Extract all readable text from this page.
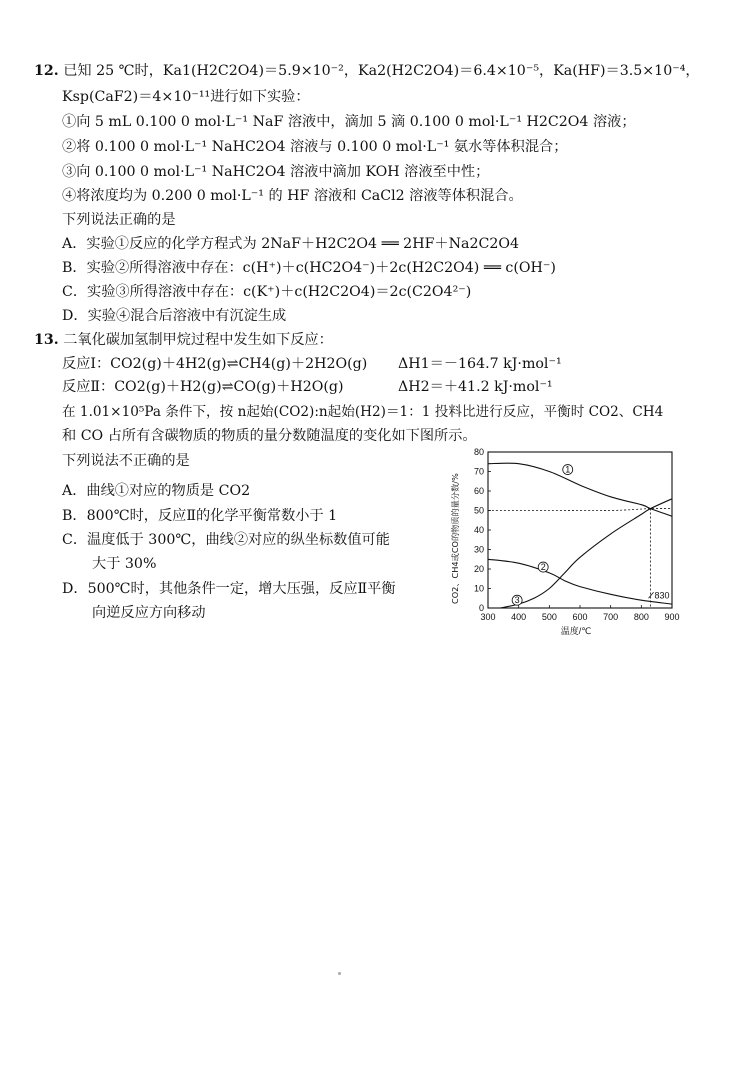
12. 已知 25 ℃时，Ka1(H2C2O4)＝5.9×10⁻²，Ka2(H2C2O4)＝6.4×10⁻⁵，Ka(HF)＝3.5×10⁻⁴，
Ksp(CaF2)＝4×10⁻¹¹进行如下实验：
①向 5 mL 0.100 0 mol·L⁻¹ NaF 溶液中，滴加 5 滴 0.100 0 mol·L⁻¹ H2C2O4 溶液；
②将 0.100 0 mol·L⁻¹ NaHC2O4 溶液与 0.100 0 mol·L⁻¹ 氨水等体积混合；
③向 0.100 0 mol·L⁻¹ NaHC2O4 溶液中滴加 KOH 溶液至中性；
④将浓度均为 0.200 0 mol·L⁻¹ 的 HF 溶液和 CaCl2 溶液等体积混合。
下列说法正确的是
A．实验①反应的化学方程式为 2NaF＋H2C2O4 ══ 2HF＋Na2C2O4
B．实验②所得溶液中存在：c(H⁺)＋c(HC2O4⁻)＋2c(H2C2O4) ══ c(OH⁻)
C．实验③所得溶液中存在：c(K⁺)＋c(H2C2O4)＝2c(C2O4²⁻)
D．实验④混合后溶液中有沉淀生成
13. 二氧化碳加氢制甲烷过程中发生如下反应：
反应Ⅰ：CO2(g)＋4H2(g)⇌CH4(g)＋2H2O(g) ΔH1＝－164.7 kJ·mol⁻¹
反应Ⅱ：CO2(g)＋H2(g)⇌CO(g)＋H2O(g)	ΔH2＝＋41.2 kJ·mol⁻¹
在 1.01×10⁵Pa 条件下，按 n起始(CO2):n起始(H2)＝1：1 投料比进行反应，平衡时 CO2、CH4
和 CO 占所有含碳物质的物质的量分数随温度的变化如下图所示。
下列说法不正确的是
A．曲线①对应的物质是 CO2
B．800℃时，反应Ⅱ的化学平衡常数小于 1
C．温度低于 300℃，曲线②对应的纵坐标数值可能
大于 30%
D．500℃时，其他条件一定，增大压强，反应Ⅱ平衡
向逆反应方向移动	0
10
20
30
40
50
60
70
80
300 400 500 600 700 800 900
1
2
3	830
CO2、CH4或CO的物质的量分数/%
温度/℃
